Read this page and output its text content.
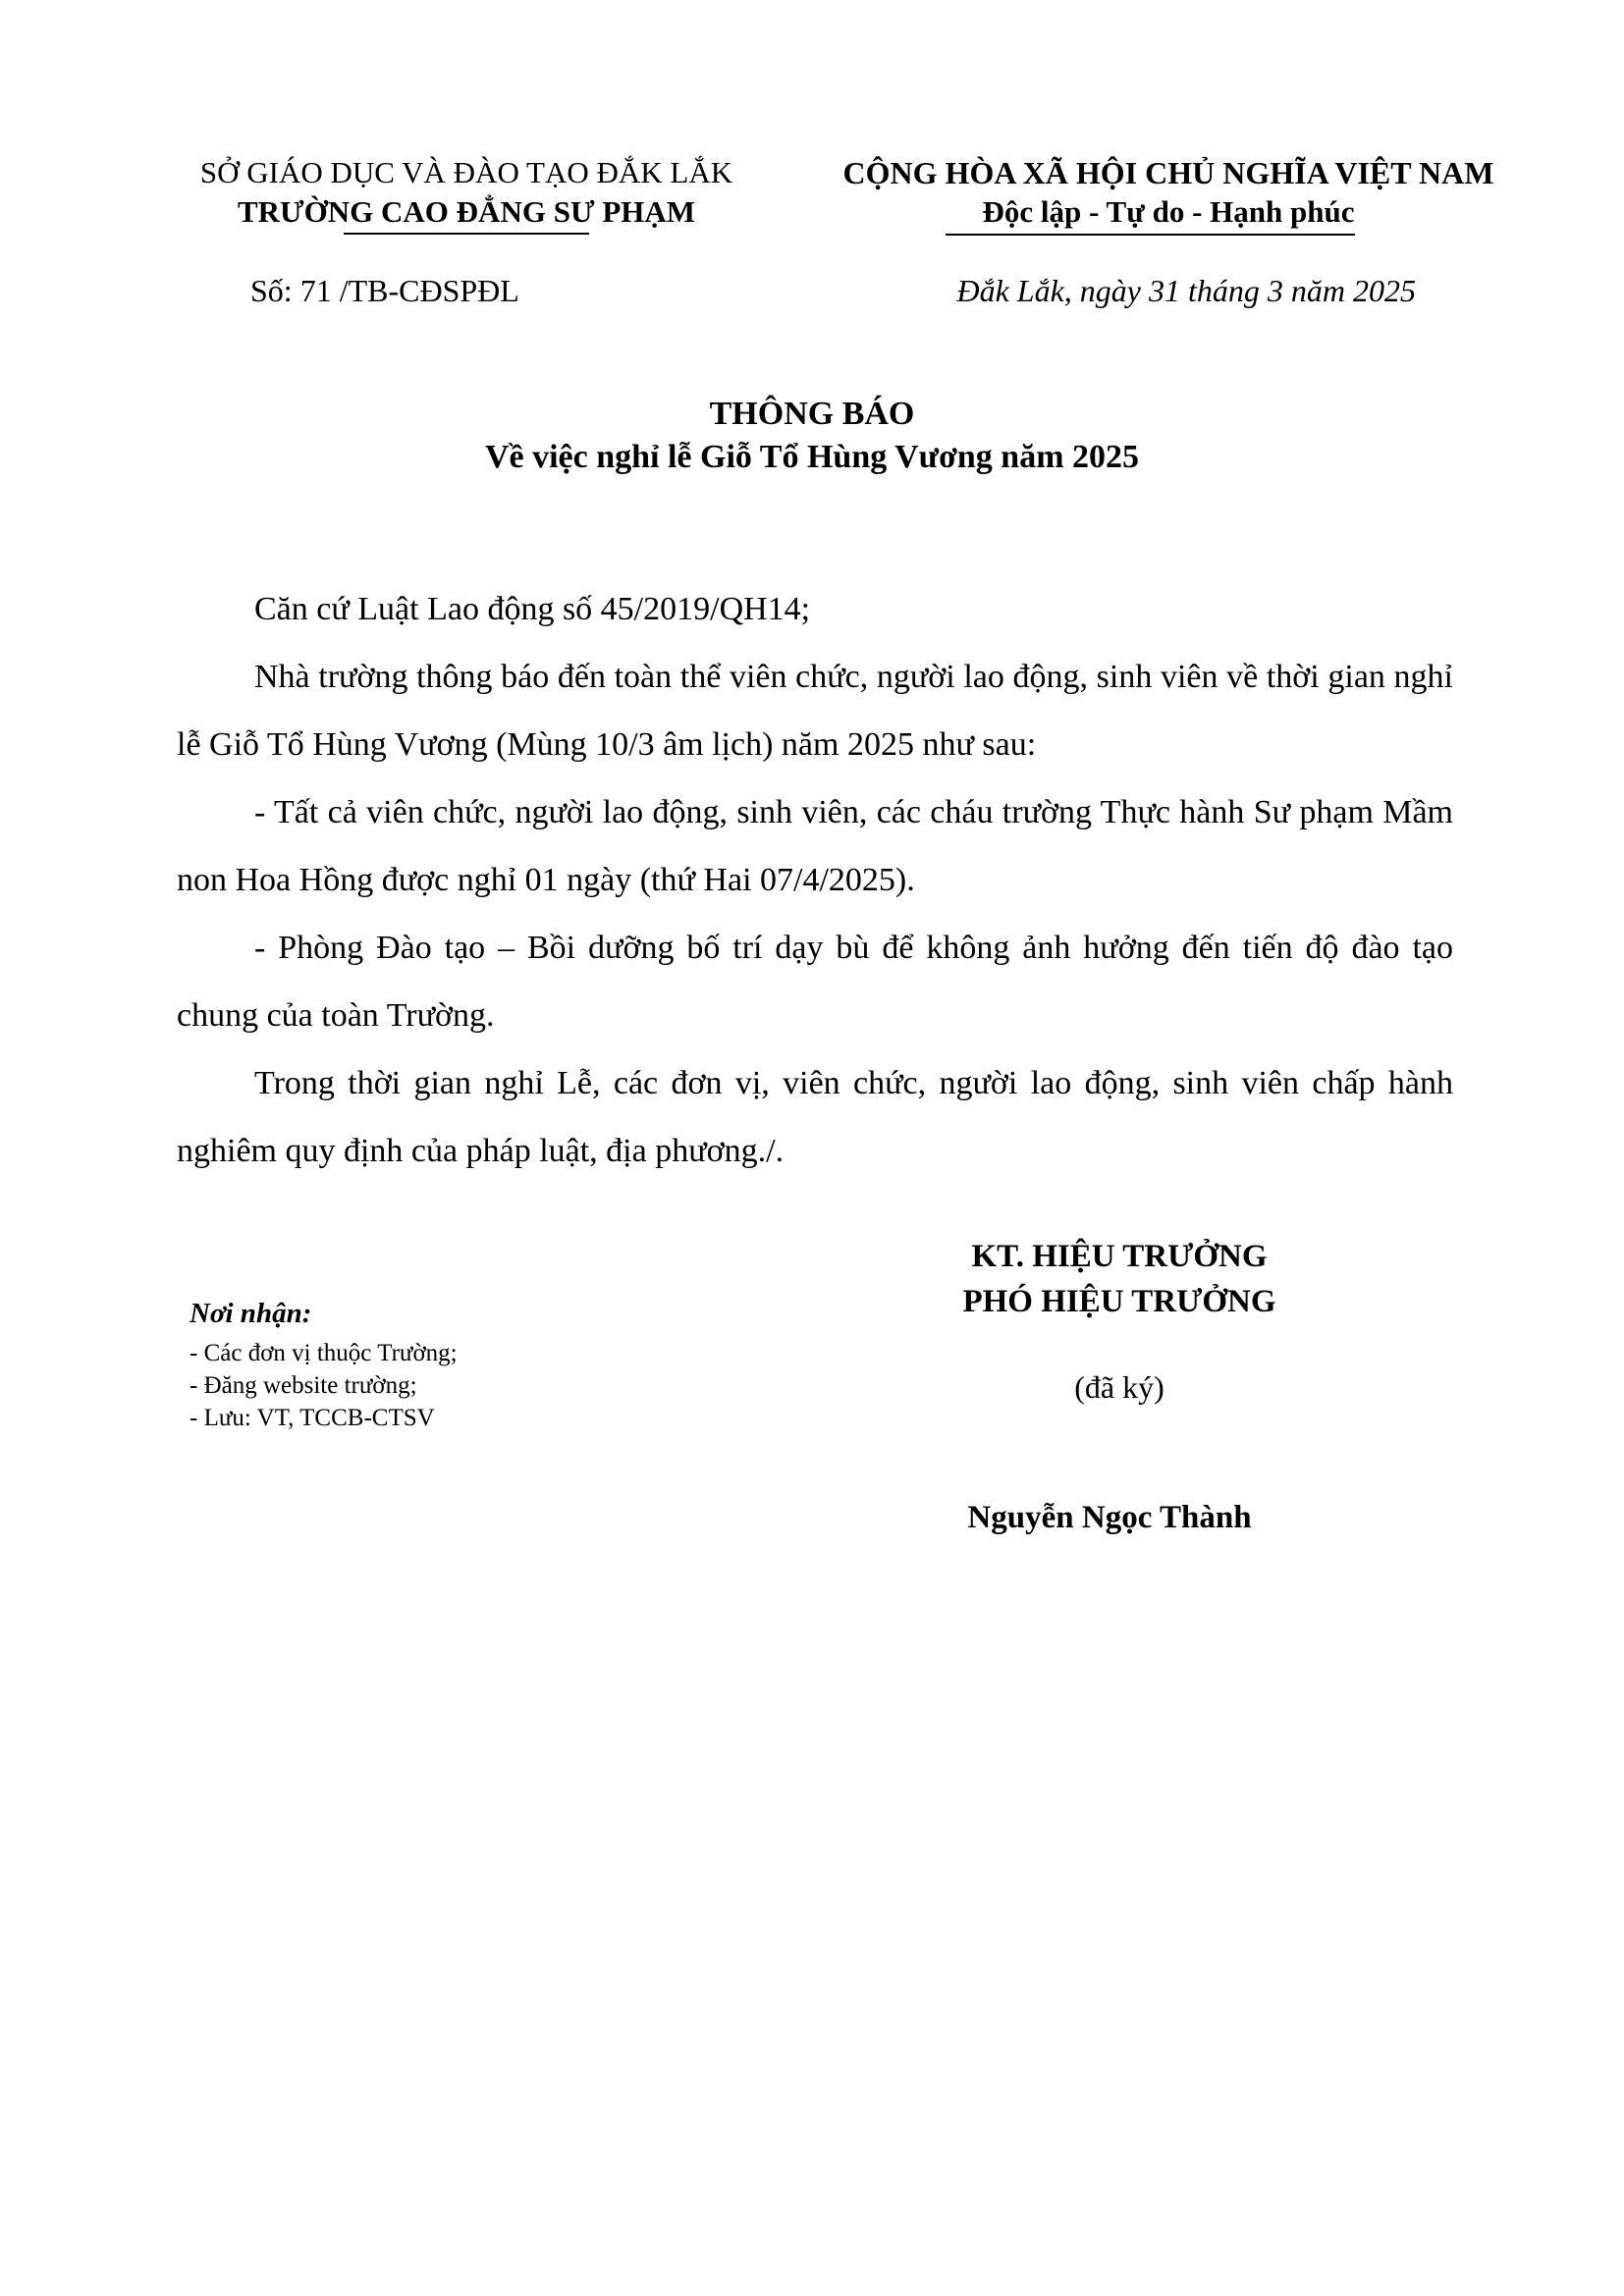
SỞ GIÁO DỤC VÀ ĐÀO TẠO ĐẮK LẮK
TRƯỜNG CAO ĐẲNG SƯ PHẠM
Số: 71 /TB-CĐSPĐL
CỘNG HÒA XÃ HỘI CHỦ NGHĨA VIỆT NAM
Độc lập - Tự do - Hạnh phúc
Đắk Lắk, ngày 31 tháng 3 năm 2025
THÔNG BÁO
Về việc nghỉ lễ Giỗ Tổ Hùng Vương năm 2025

Căn cứ Luật Lao động số 45/2019/QH14;

Nhà trường thông báo đến toàn thể viên chức, người lao động, sinh viên về thời gian nghỉ lễ Giỗ Tổ Hùng Vương (Mùng 10/3 âm lịch) năm 2025 như sau:

- Tất cả viên chức, người lao động, sinh viên, các cháu trường Thực hành Sư phạm Mầm non Hoa Hồng được nghỉ 01 ngày (thứ Hai 07/4/2025).

- Phòng Đào tạo – Bồi dưỡng bố trí dạy bù để không ảnh hưởng đến tiến độ đào tạo chung của toàn Trường.

Trong thời gian nghỉ Lễ, các đơn vị, viên chức, người lao động, sinh viên chấp hành nghiêm quy định của pháp luật, địa phương./.

Nơi nhận:
- Các đơn vị thuộc Trường;
- Đăng website trường;
- Lưu: VT, TCCB-CTSV
KT. HIỆU TRƯỞNG
PHÓ HIỆU TRƯỞNG
(đã ký)
Nguyễn Ngọc Thành
